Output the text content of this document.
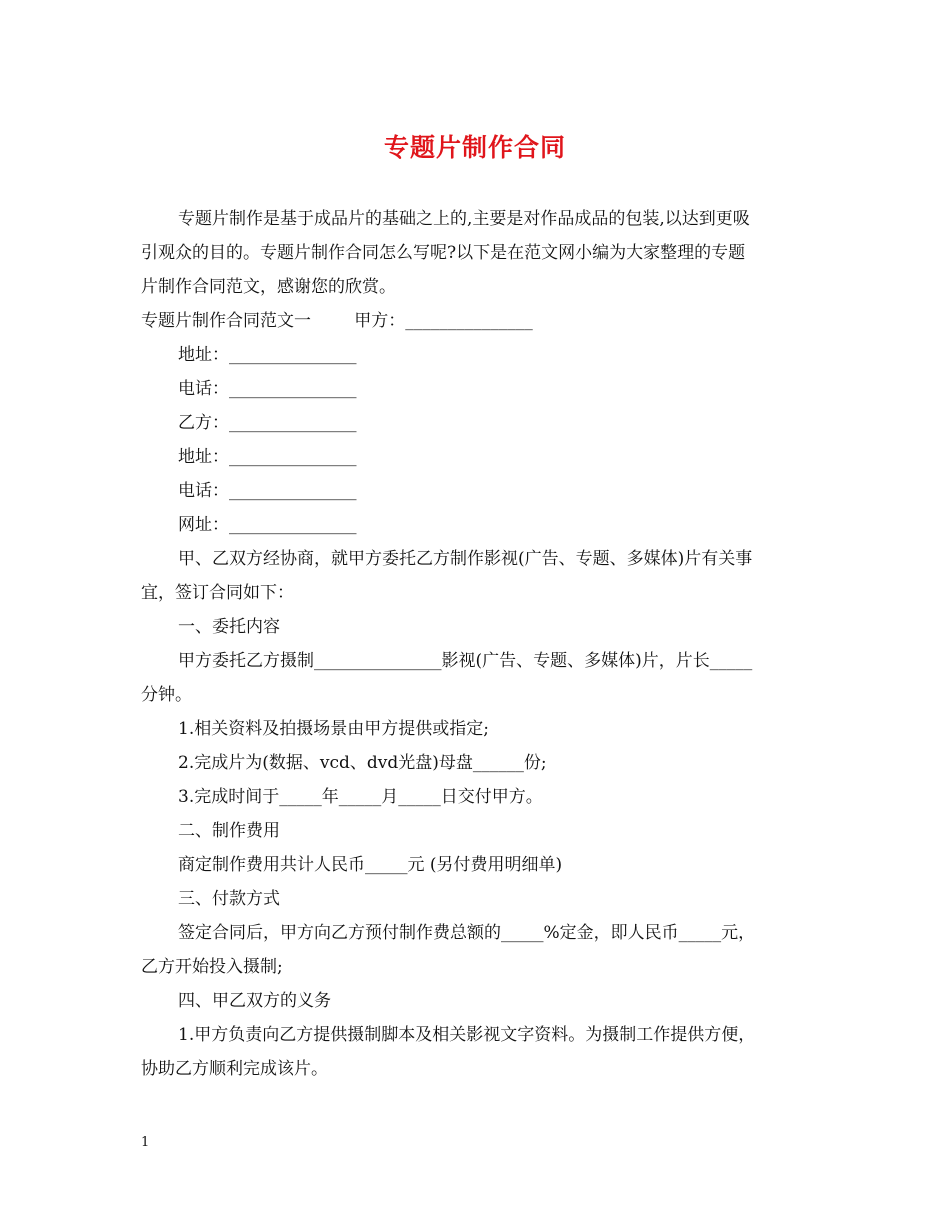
专题片制作合同

专题片制作是基于成品片的基础之上的,主要是对作品成品的包装,以达到更吸

引观众的目的。专题片制作合同怎么写呢?以下是在范文网小编为大家整理的专题

片制作合同范文，感谢您的欣赏。

专题片制作合同范文一        甲方：_______________

地址：_______________

电话：_______________

乙方：_______________

地址：_______________

电话：_______________

网址：_______________

甲、乙双方经协商，就甲方委托乙方制作影视(广告、专题、多媒体)片有关事

宜，签订合同如下：

一、委托内容

甲方委托乙方摄制_______________影视(广告、专题、多媒体)片，片长_____

分钟。

1.相关资料及拍摄场景由甲方提供或指定;

2.完成片为(数据、vcd、dvd光盘)母盘______份;

3.完成时间于_____年_____月_____日交付甲方。

二、制作费用

商定制作费用共计人民币_____元 (另付费用明细单)

三、付款方式

签定合同后，甲方向乙方预付制作费总额的_____%定金，即人民币_____元，

乙方开始投入摄制;

四、甲乙双方的义务

1.甲方负责向乙方提供摄制脚本及相关影视文字资料。为摄制工作提供方便，

协助乙方顺利完成该片。

1
